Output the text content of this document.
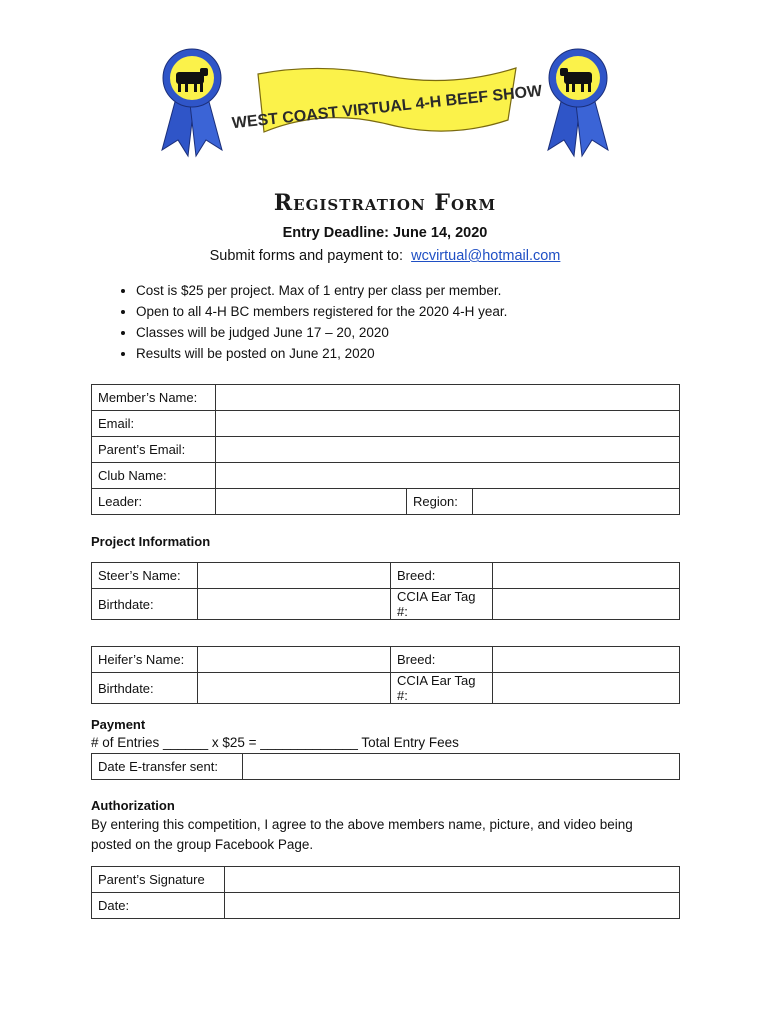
WEST COAST VIRTUAL 4-H BEEF SHOW
Registration Form
Entry Deadline: June 14, 2020
Submit forms and payment to: wcvirtual@hotmail.com
• Cost is $25 per project. Max of 1 entry per class per member.
• Open to all 4-H BC members registered for the 2020 4-H year.
• Classes will be judged June 17 – 20, 2020
• Results will be posted on June 21, 2020
Member’s Name:			
Email:			
Parent’s Email:			
Club Name:			
Leader:		Region:	
Project Information
Steer’s Name:		Breed:	
Birthdate:		CCIA Ear Tag #:	
Heifer’s Name:		Breed:	
Birthdate:		CCIA Ear Tag #:	
Payment
# of Entries ______ x $25 = _____________ Total Entry Fees
Date E-transfer sent:	
Authorization
By entering this competition, I agree to the above members name, picture, and video being
posted on the group Facebook Page.
Parent’s Signature	
Date:	
